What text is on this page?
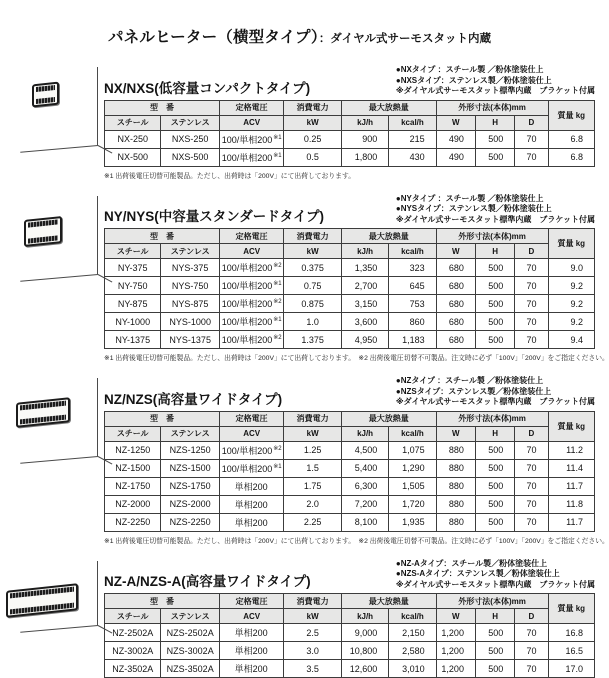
パネルヒーター（横型タイプ）：ダイヤル式サーモスタット内蔵
NX/NXS(低容量コンパクトタイプ)
●NXタイプ ：スチール製 ／粉体塗装仕上
●NXSタイプ：ステンレス製／粉体塗装仕上
※ダイヤル式サーモスタット標準内蔵　ブラケット付属
型　番		定格電圧	消費電力	最大放熱量		外形寸法(本体)mm			質量 kg
スチール	ステンレス	ACV	kW	kJ/h	kcal/h	W	H	D	
NX-250	NXS-250	100/単相200$^{※1}$	0.25	900	215	490	500	70	6.8
NX-500	NXS-500	100/単相200$^{※1}$	0.5	1,800	430	490	500	70	6.8
※1 出荷後電圧切替可能製品。ただし、出荷時は「200V」にて出荷しております。
NY/NYS(中容量スタンダードタイプ)
●NYタイプ ：スチール製 ／粉体塗装仕上
●NYSタイプ：ステンレス製／粉体塗装仕上
※ダイヤル式サーモスタット標準内蔵　ブラケット付属
型　番		定格電圧	消費電力	最大放熱量		外形寸法(本体)mm			質量 kg
スチール	ステンレス	ACV	kW	kJ/h	kcal/h	W	H	D	
NY-375	NYS-375	100/単相200$^{※2}$	0.375	1,350	323	680	500	70	9.0
NY-750	NYS-750	100/単相200$^{※1}$	0.75	2,700	645	680	500	70	9.2
NY-875	NYS-875	100/単相200$^{※2}$	0.875	3,150	753	680	500	70	9.2
NY-1000	NYS-1000	100/単相200$^{※1}$	1.0	3,600	860	680	500	70	9.2
NY-1375	NYS-1375	100/単相200$^{※2}$	1.375	4,950	1,183	680	500	70	9.4
※1 出荷後電圧切替可能製品。ただし、出荷時は「200V」にて出荷しております。　※2 出荷後電圧切替不可製品。注文時に必ず「100V」「200V」をご指定ください。
NZ/NZS(高容量ワイドタイプ)
●NZタイプ ：スチール製 ／粉体塗装仕上
●NZSタイプ：ステンレス製／粉体塗装仕上
※ダイヤル式サーモスタット標準内蔵　ブラケット付属
型　番		定格電圧	消費電力	最大放熱量		外形寸法(本体)mm			質量 kg
スチール	ステンレス	ACV	kW	kJ/h	kcal/h	W	H	D	
NZ-1250	NZS-1250	100/単相200$^{※2}$	1.25	4,500	1,075	880	500	70	11.2
NZ-1500	NZS-1500	100/単相200$^{※1}$	1.5	5,400	1,290	880	500	70	11.4
NZ-1750	NZS-1750	単相200	1.75	6,300	1,505	880	500	70	11.7
NZ-2000	NZS-2000	単相200	2.0	7,200	1,720	880	500	70	11.8
NZ-2250	NZS-2250	単相200	2.25	8,100	1,935	880	500	70	11.7
※1 出荷後電圧切替可能製品。ただし、出荷時は「200V」にて出荷しております。　※2 出荷後電圧切替不可製品。注文時に必ず「100V」「200V」をご指定ください。
NZ-A/NZS-A(高容量ワイドタイプ)
●NZ-Aタイプ：スチール製／粉体塗装仕上
●NZS-Aタイプ：ステンレス製／粉体塗装仕上
※ダイヤル式サーモスタット標準内蔵　ブラケット付属
型　番		定格電圧	消費電力	最大放熱量		外形寸法(本体)mm			質量 kg
スチール	ステンレス	ACV	kW	kJ/h	kcal/h	W	H	D	
NZ-2502A	NZS-2502A	単相200	2.5	9,000	2,150	1,200	500	70	16.8
NZ-3002A	NZS-3002A	単相200	3.0	10,800	2,580	1,200	500	70	16.5
NZ-3502A	NZS-3502A	単相200	3.5	12,600	3,010	1,200	500	70	17.0
